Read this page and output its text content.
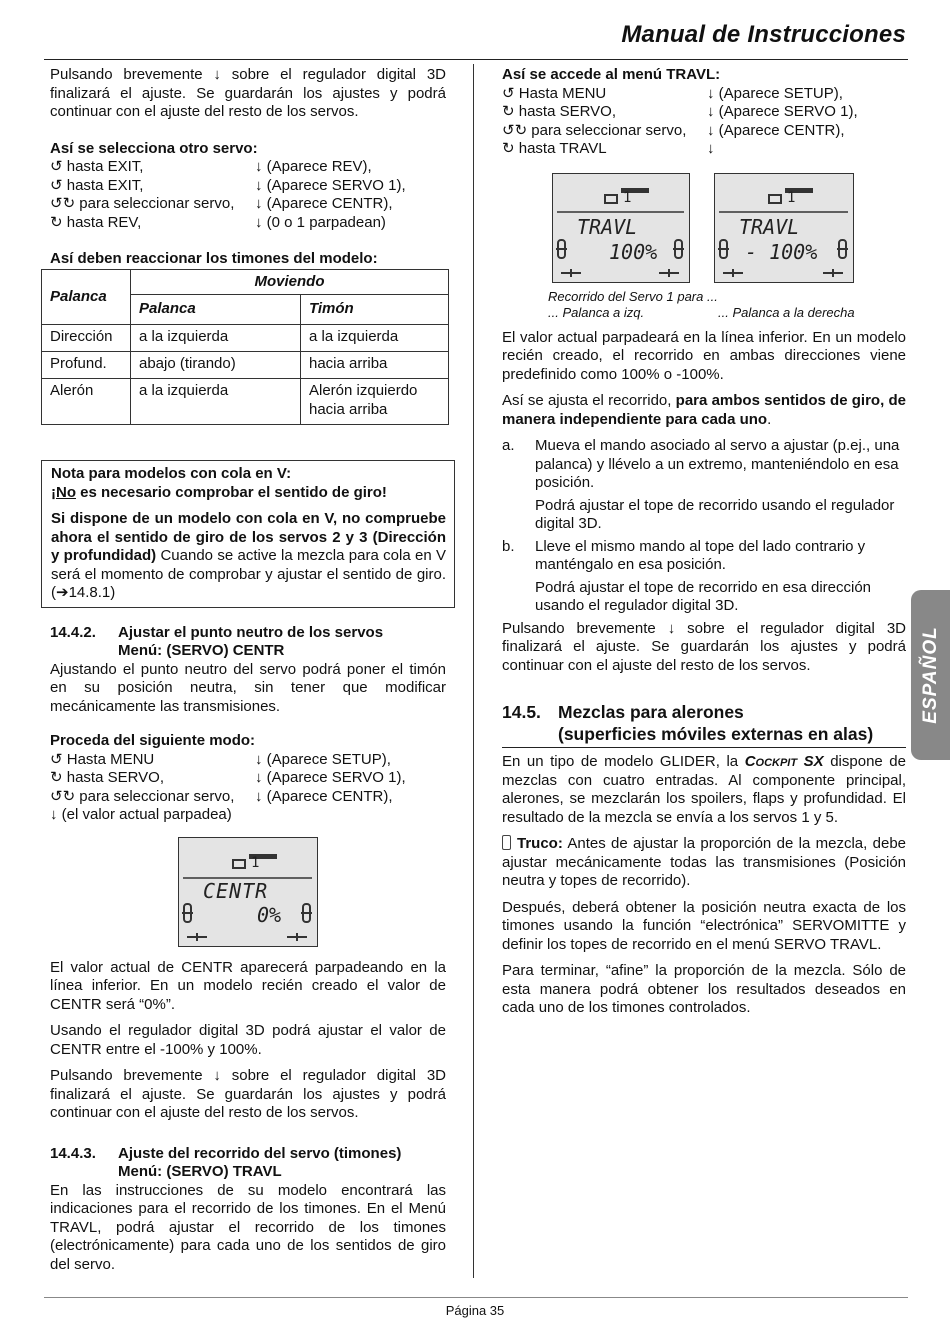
Manual de Instrucciones

Pulsando brevemente ↓ sobre el regulador digital 3D finalizará el ajuste. Se guardarán los ajustes y podrá continuar con el ajuste del resto de los servos.

Así se selecciona otro servo:
↺ hasta EXIT,	↓ (Aparece REV),
↺ hasta EXIT,	↓ (Aparece SERVO 1),
↺↻ para seleccionar servo,	↓ (Aparece CENTR),
↻ hasta REV,	↓ (0 o 1 parpadean)
Así deben reaccionar los timones del modelo:
Palanca	Moviendo	
	Palanca	Timón
Dirección	a la izquierda	a la izquierda
Profund.	abajo (tirando)	hacia arriba
Alerón	a la izquierda	Alerón izquierdo hacia arriba
Nota para modelos con cola en V:
¡No es necesario comprobar el sentido de giro!

Si dispone de un modelo con cola en V, no compruebe ahora el sentido de giro de los servos 2 y 3 (Dirección y profundidad) Cuando se active la mezcla para cola en V será el momento de comprobar y ajustar el sentido de giro. (➔14.8.1)

14.4.2.	Ajustar el punto neutro de los servos
Menú: (SERVO) CENTR

Ajustando el punto neutro del servo podrá poner el timón en su posición neutra, sin tener que modificar mecánicamente las transmisiones.

Proceda del siguiente modo:
↺ Hasta MENU	↓ (Aparece SETUP),
↻ hasta SERVO,	↓ (Aparece SERVO 1),
↺↻ para seleccionar servo,	↓ (Aparece CENTR),
↓ (el valor actual parpadea)
1
CENTR
0%

El valor actual de CENTR aparecerá parpadeando en la línea inferior. En un modelo recién creado el valor de CENTR será “0%”.

Usando el regulador digital 3D podrá ajustar el valor de CENTR entre el -100% y 100%.

Pulsando brevemente ↓ sobre el regulador digital 3D finalizará el ajuste. Se guardarán los ajustes y podrá continuar con el ajuste del resto de los servos.

14.4.3.	Ajuste del recorrido del servo (timones)
Menú: (SERVO) TRAVL

En las instrucciones de su modelo encontrará las indicaciones para el recorrido de los timones. En el Menú TRAVL, podrá ajustar el recorrido de los timones (electrónicamente) para cada uno de los sentidos de giro del servo.

Así se accede al menú TRAVL:
↺ Hasta MENU	↓ (Aparece SETUP),
↻ hasta SERVO,	↓ (Aparece SERVO 1),
↺↻ para seleccionar servo,	↓ (Aparece CENTR),
↻ hasta TRAVL	↓
1
TRAVL
100%
1
TRAVL
- 100%
Recorrido del Servo 1 para ...
... Palanca a izq.	... Palanca a la derecha

El valor actual parpadeará en la línea inferior. En un modelo recién creado, el recorrido en ambas direcciones viene predefinido como 100% o -100%.

Así se ajusta el recorrido, para ambos sentidos de giro, de manera independiente para cada uno.

a.	Mueva el mando asociado al servo a ajustar (p.ej., una palanca) y llévelo a un extremo, manteniéndolo en esa posición.

Podrá ajustar el tope de recorrido usando el regulador digital 3D.

b.	Lleve el mismo mando al tope del lado contrario y manténgalo en esa posición.

Podrá ajustar el tope de recorrido en esa dirección usando el regulador digital 3D.

Pulsando brevemente ↓ sobre el regulador digital 3D finalizará el ajuste. Se guardarán los ajustes y podrá continuar con el ajuste del resto de los servos.

14.5. Mezclas para alerones
(superficies móviles externas en alas)

En un tipo de modelo GLIDER, la Cockpit SX dispone de mezclas con cuatro entradas. Al componente principal, alerones, se mezclarán los spoilers, flaps y profundidad. El resultado de la mezcla se envía a los servos 1 y 5.

Truco: Antes de ajustar la proporción de la mezcla, debe ajustar mecánicamente todas las transmisiones (Posición neutra y topes de recorrido).

Después, deberá obtener la posición neutra exacta de los timones usando la función “electrónica” SERVOMITTE y definir los topes de recorrido en el menú SERVO TRAVL.

Para terminar, “afine” la proporción de la mezcla. Sólo de esta manera podrá obtener los resultados deseados en cada uno de los timones controlados.

ESPAÑOL
Página 35
